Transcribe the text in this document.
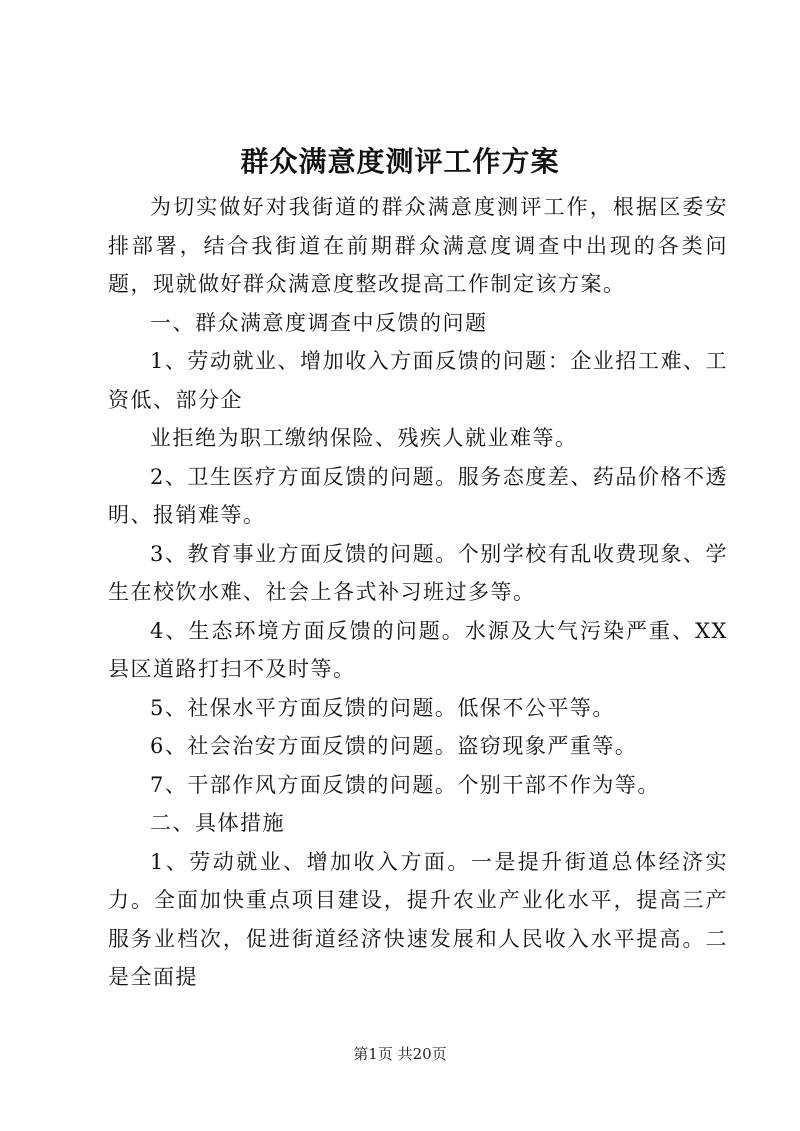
群众满意度测评工作方案

为切实做好对我街道的群众满意度测评工作，根据区委安排部署，结合我街道在前期群众满意度调查中出现的各类问题，现就做好群众满意度整改提高工作制定该方案。

一、群众满意度调查中反馈的问题

1、劳动就业、增加收入方面反馈的问题：企业招工难、工资低、部分企

业拒绝为职工缴纳保险、残疾人就业难等。

2、卫生医疗方面反馈的问题。服务态度差、药品价格不透明、报销难等。

3、教育事业方面反馈的问题。个别学校有乱收费现象、学生在校饮水难、社会上各式补习班过多等。

4、生态环境方面反馈的问题。水源及大气污染严重、XX县区道路打扫不及时等。

5、社保水平方面反馈的问题。低保不公平等。

6、社会治安方面反馈的问题。盗窃现象严重等。

7、干部作风方面反馈的问题。个别干部不作为等。

二、具体措施

1、劳动就业、增加收入方面。一是提升街道总体经济实力。全面加快重点项目建设，提升农业产业化水平，提高三产服务业档次，促进街道经济快速发展和人民收入水平提高。二是全面提

第1页 共20页
